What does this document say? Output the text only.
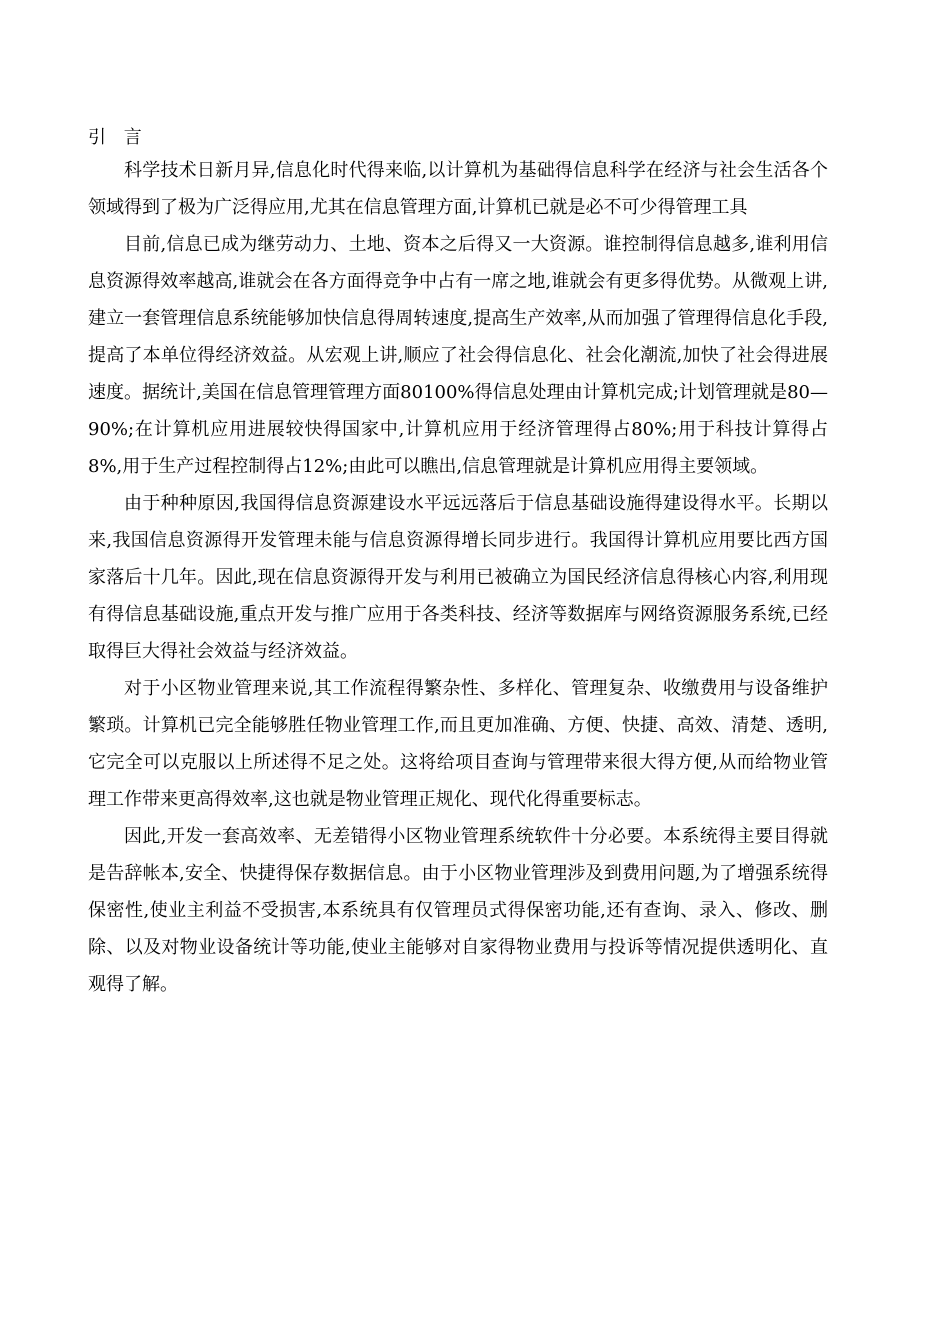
引 言

科学技术日新月异,信息化时代得来临,以计算机为基础得信息科学在经济与社会生活各个领域得到了极为广泛得应用,尤其在信息管理方面,计算机已就是必不可少得管理工具

目前,信息已成为继劳动力、土地、资本之后得又一大资源。谁控制得信息越多,谁利用信息资源得效率越高,谁就会在各方面得竞争中占有一席之地,谁就会有更多得优势。从微观上讲,建立一套管理信息系统能够加快信息得周转速度,提高生产效率,从而加强了管理得信息化手段,提高了本单位得经济效益。从宏观上讲,顺应了社会得信息化、社会化潮流,加快了社会得进展速度。据统计,美国在信息管理管理方面80100%得信息处理由计算机完成;计划管理就是80—90%;在计算机应用进展较快得国家中,计算机应用于经济管理得占80%;用于科技计算得占8%,用于生产过程控制得占12%;由此可以瞧出,信息管理就是计算机应用得主要领域。

由于种种原因,我国得信息资源建设水平远远落后于信息基础设施得建设得水平。长期以来,我国信息资源得开发管理未能与信息资源得增长同步进行。我国得计算机应用要比西方国家落后十几年。因此,现在信息资源得开发与利用已被确立为国民经济信息得核心内容,利用现有得信息基础设施,重点开发与推广应用于各类科技、经济等数据库与网络资源服务系统,已经取得巨大得社会效益与经济效益。

对于小区物业管理来说,其工作流程得繁杂性、多样化、管理复杂、收缴费用与设备维护繁琐。计算机已完全能够胜任物业管理工作,而且更加准确、方便、快捷、高效、清楚、透明,它完全可以克服以上所述得不足之处。这将给项目查询与管理带来很大得方便,从而给物业管理工作带来更高得效率,这也就是物业管理正规化、现代化得重要标志。

因此,开发一套高效率、无差错得小区物业管理系统软件十分必要。本系统得主要目得就是告辞帐本,安全、快捷得保存数据信息。由于小区物业管理涉及到费用问题,为了增强系统得保密性,使业主利益不受损害,本系统具有仅管理员式得保密功能,还有查询、录入、修改、删除、以及对物业设备统计等功能,使业主能够对自家得物业费用与投诉等情况提供透明化、直观得了解。
